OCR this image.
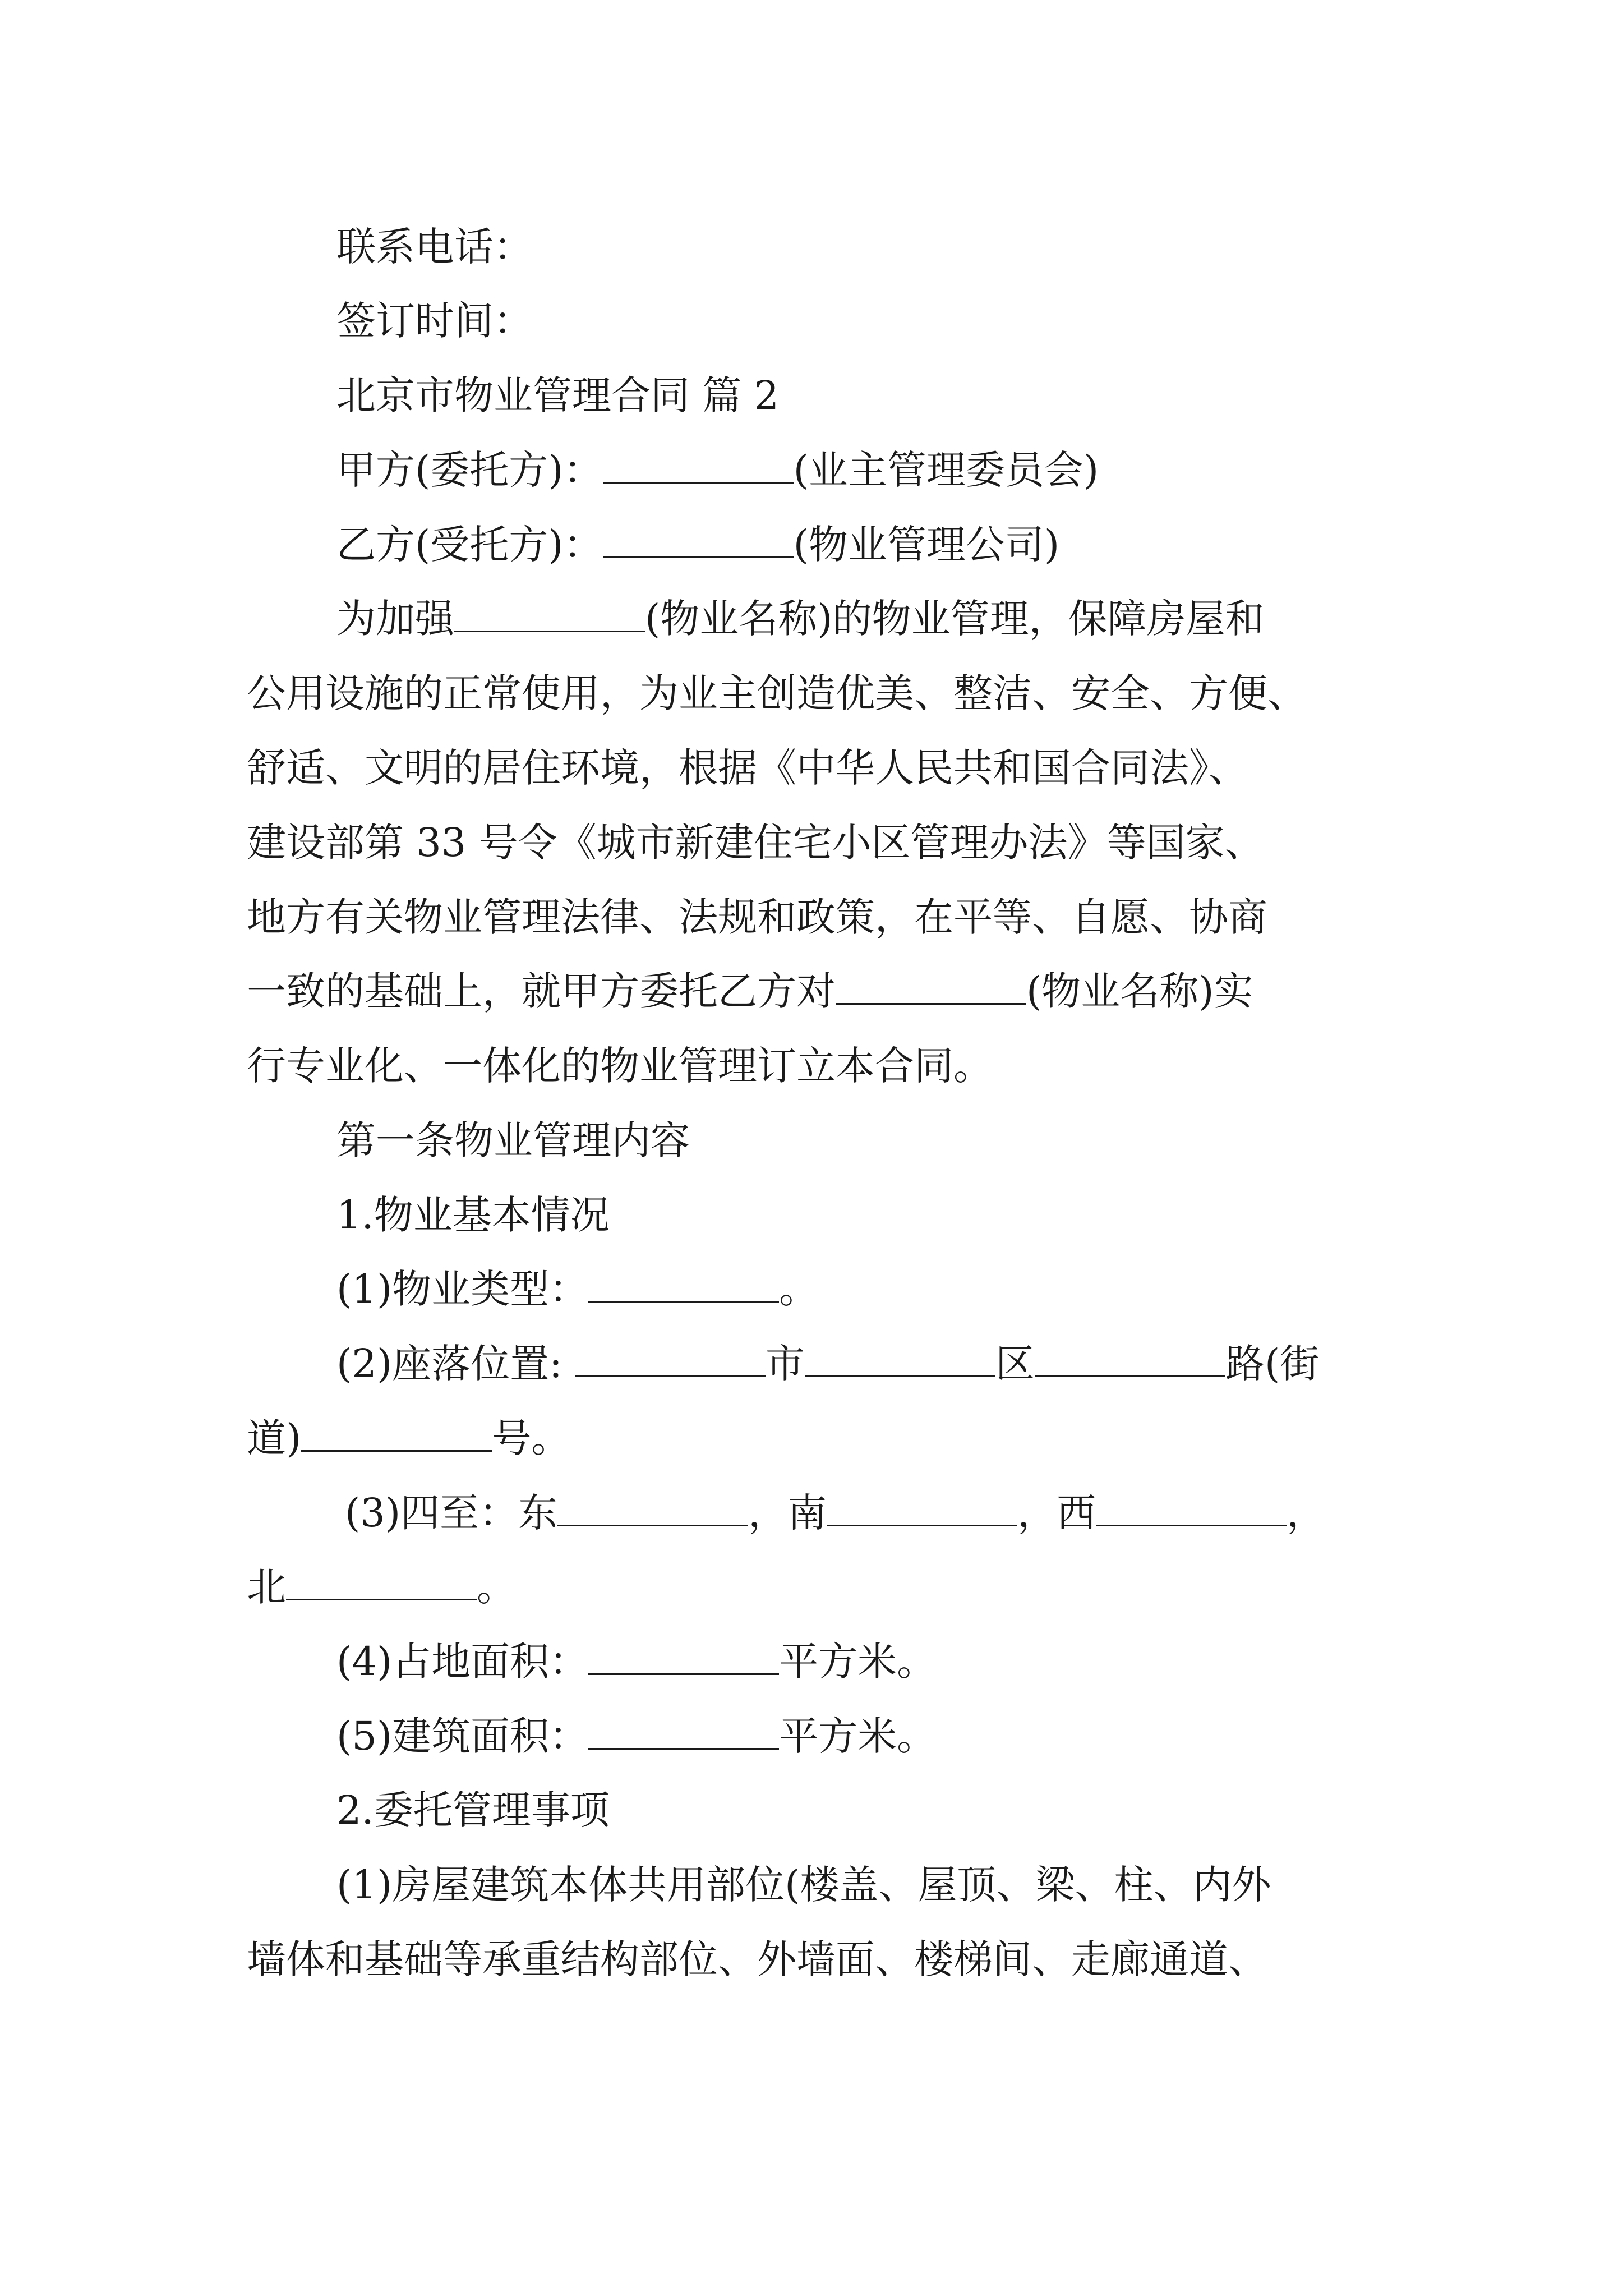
联系电话：
签订时间：
北京市物业管理合同 篇 2
甲方(委托方)：	(业主管理委员会)
乙方(受托方)：	(物业管理公司)
为加强	(物业名称)的物业管理，保障房屋和
公用设施的正常使用，为业主创造优美、整洁、安全、方便、
舒适、文明的居住环境，根据《中华人民共和国合同法》、
建设部第 33 号令《城市新建住宅小区管理办法》等国家、
地方有关物业管理法律、法规和政策，在平等、自愿、协商
一致的基础上，就甲方委托乙方对	(物业名称)实
行专业化、一体化的物业管理订立本合同。
第一条物业管理内容
1.物业基本情况
(1)物业类型：	。
(2)座落位置:	市	区	路(街
道)	号。
(3)四至：东	，南	，西	，
北	。
(4)占地面积：	平方米。
(5)建筑面积：	平方米。
2.委托管理事项
(1)房屋建筑本体共用部位(楼盖、屋顶、梁、柱、内外
墙体和基础等承重结构部位、外墙面、楼梯间、走廊通道、
